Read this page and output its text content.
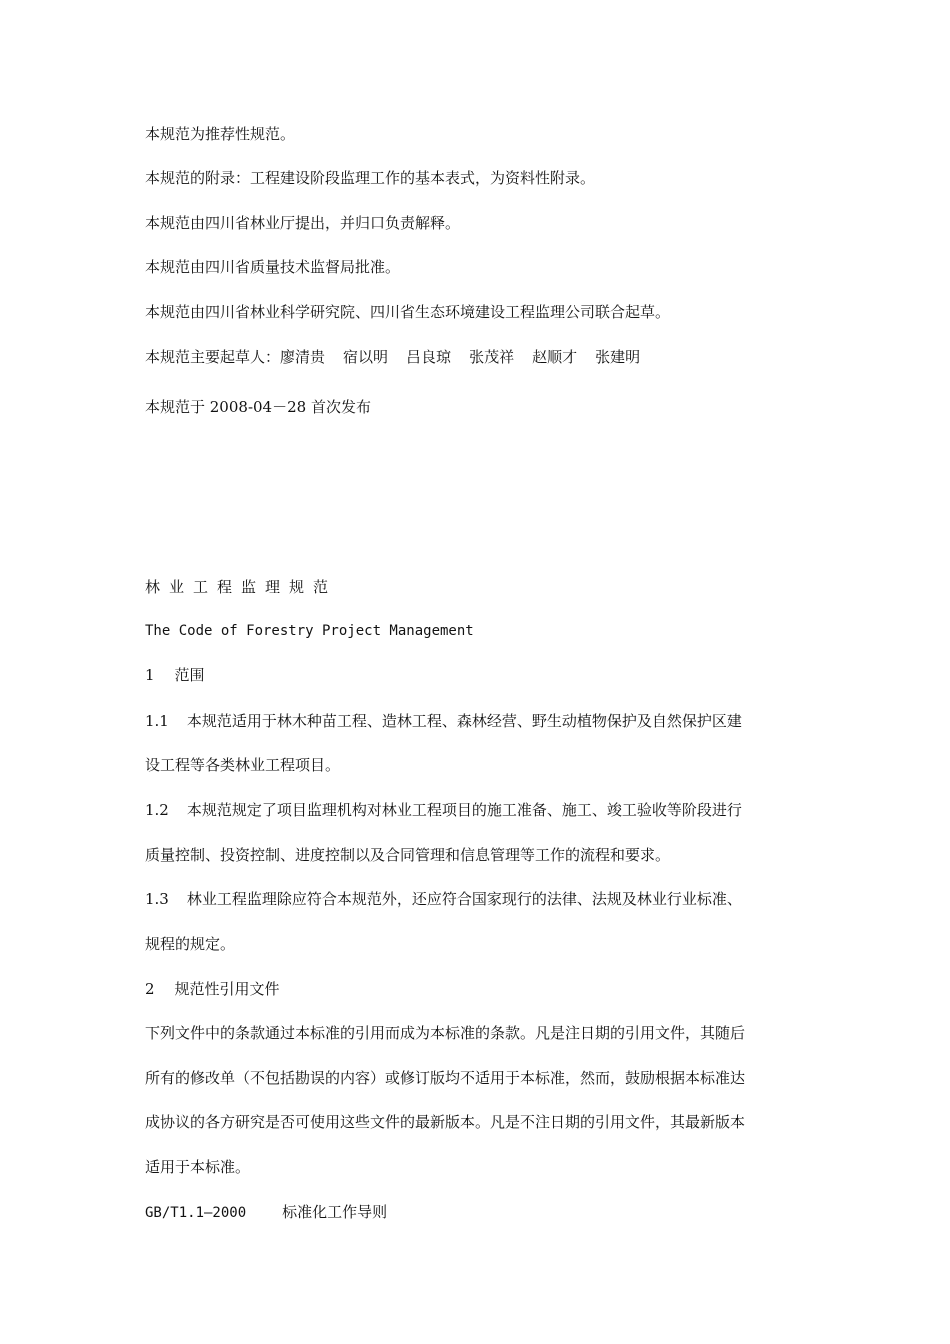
本规范为推荐性规范。
本规范的附录：工程建设阶段监理工作的基本表式，为资料性附录。
本规范由四川省林业厅提出，并归口负责解释。
本规范由四川省质量技术监督局批准。
本规范由四川省林业科学研究院、四川省生态环境建设工程监理公司联合起草。
本规范主要起草人：廖清贵 宿以明 吕良琼 张茂祥 赵顺才 张建明
本规范于 2008-04－28 首次发布
林业工程监理规范
The Code of Forestry Project Management
1 范围
1.1 本规范适用于林木种苗工程、造林工程、森林经营、野生动植物保护及自然保护区建
设工程等各类林业工程项目。
1.2 本规范规定了项目监理机构对林业工程项目的施工准备、施工、竣工验收等阶段进行
质量控制、投资控制、进度控制以及合同管理和信息管理等工作的流程和要求。
1.3 林业工程监理除应符合本规范外，还应符合国家现行的法律、法规及林业行业标准、
规程的规定。
2 规范性引用文件
下列文件中的条款通过本标准的引用而成为本标准的条款。凡是注日期的引用文件，其随后
所有的修改单（不包括勘误的内容）或修订版均不适用于本标准，然而，鼓励根据本标准达
成协议的各方研究是否可使用这些文件的最新版本。凡是不注日期的引用文件，其最新版本
适用于本标准。
GB/T1.1—2000 标准化工作导则
